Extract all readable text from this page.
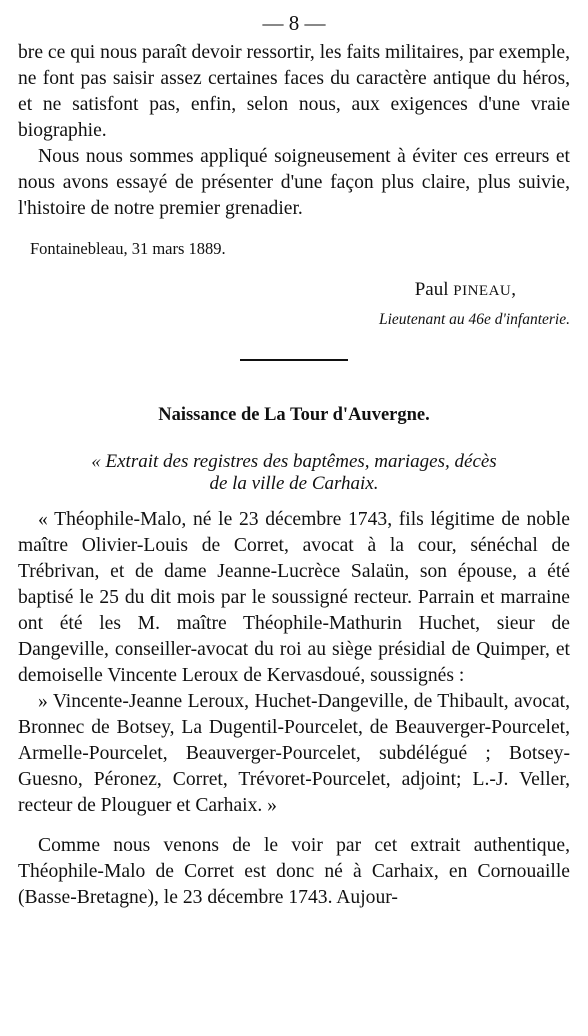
— 8 —

bre ce qui nous paraît devoir ressortir, les faits militaires, par exemple, ne font pas saisir assez certaines faces du caractère antique du héros, et ne satisfont pas, enfin, selon nous, aux exigences d'une vraie biographie.

Nous nous sommes appliqué soigneusement à éviter ces erreurs et nous avons essayé de présenter d'une façon plus claire, plus suivie, l'histoire de notre premier grenadier.

Fontainebleau, 31 mars 1889.
Paul PINEAU,
Lieutenant au 46e d'infanterie.
Naissance de La Tour d'Auvergne.
« Extrait des registres des baptêmes, mariages, décès
de la ville de Carhaix.

« Théophile-Malo, né le 23 décembre 1743, fils légitime de noble maître Olivier-Louis de Corret, avocat à la cour, sénéchal de Trébrivan, et de dame Jeanne-Lucrèce Salaün, son épouse, a été baptisé le 25 du dit mois par le soussigné recteur. Parrain et marraine ont été les M. maître Théophile-Mathurin Huchet, sieur de Dangeville, conseiller-avocat du roi au siège présidial de Quimper, et demoiselle Vincente Leroux de Kervasdoué, soussignés :

» Vincente-Jeanne Leroux, Huchet-Dangeville, de Thibault, avocat, Bronnec de Botsey, La Dugentil-Pourcelet, de Beauverger-Pourcelet, Armelle-Pourcelet, Beauverger-Pourcelet, subdélégué ; Botsey-Guesno, Péronez, Corret, Trévoret-Pourcelet, adjoint; L.-J. Veller, recteur de Plouguer et Carhaix. »

Comme nous venons de le voir par cet extrait authentique, Théophile-Malo de Corret est donc né à Carhaix, en Cornouaille (Basse-Bretagne), le 23 décembre 1743. Aujour-
